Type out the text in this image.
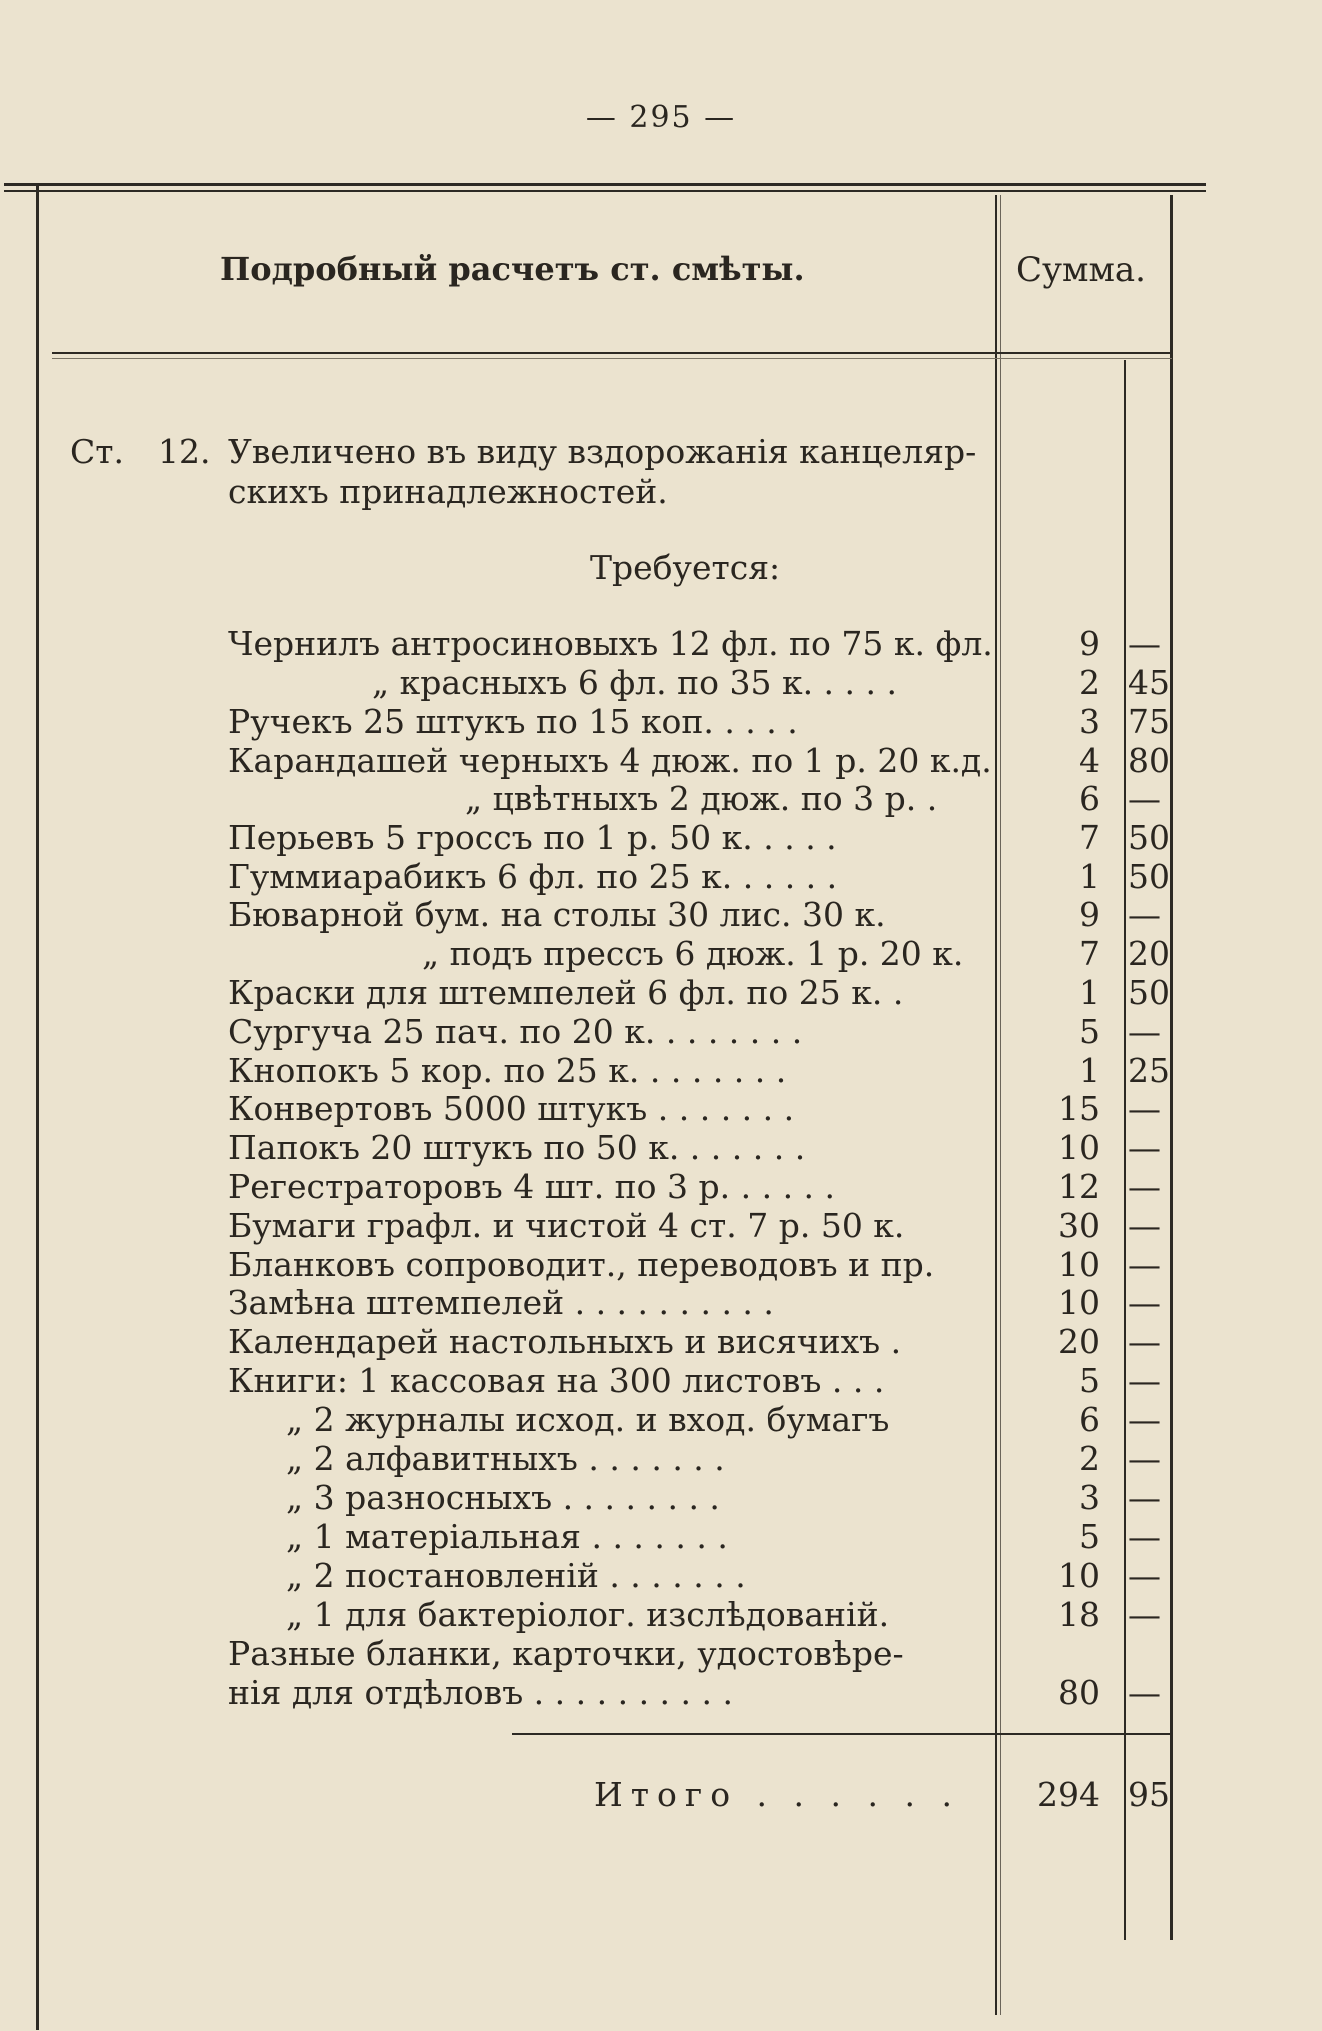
— 295 —
Подробный расчетъ ст. смѣты.	Сумма.
Ст. 12. Увеличено въ виду вздорожанія канцеляр-
скихъ принадлежностей.
Требуется:
Чернилъ антросиновыхъ 12 фл. по 75 к. фл.	9 —
„ красныхъ 6 фл. по 35 к. . . . .	2 45
Ручекъ 25 штукъ по 15 коп. . . . .	3 75
Карандашей черныхъ 4 дюж. по 1 р. 20 к.д.	4 80
„ цвѣтныхъ 2 дюж. по 3 р. .	6 —
Перьевъ 5 гроссъ по 1 р. 50 к. . . . .	7 50
Гуммиарабикъ 6 фл. по 25 к. . . . . .	1 50
Бюварной бум. на столы 30 лис. 30 к.	9 —
„ подъ прессъ 6 дюж. 1 р. 20 к.	7 20
Краски для штемпелей 6 фл. по 25 к. .	1 50
Сургуча 25 пач. по 20 к. . . . . . . .	5 —
Кнопокъ 5 кор. по 25 к. . . . . . . .	1 25
Конвертовъ 5000 штукъ . . . . . . .	15 —
Папокъ 20 штукъ по 50 к. . . . . . .	10 —
Регестраторовъ 4 шт. по 3 р. . . . . .	12 —
Бумаги графл. и чистой 4 ст. 7 р. 50 к.	30 —
Бланковъ сопроводит., переводовъ и пр.	10 —
Замѣна штемпелей . . . . . . . . . .	10 —
Календарей настольныхъ и висячихъ .	20 —
Книги: 1 кассовая на 300 листовъ . . .	5 —
„ 2 журналы исход. и вход. бумагъ	6 —
„ 2 алфавитныхъ . . . . . . .	2 —
„ 3 разносныхъ . . . . . . . .	3 —
„ 1 матеріальная . . . . . . .	5 —
„ 2 постановленій . . . . . . .	10 —
„ 1 для бактеріолог. изслѣдованій.	18 —
Разные бланки, карточки, удостовѣре-
нія для отдѣловъ . . . . . . . . . .	80 —
Итого . . . . . .	294 95
